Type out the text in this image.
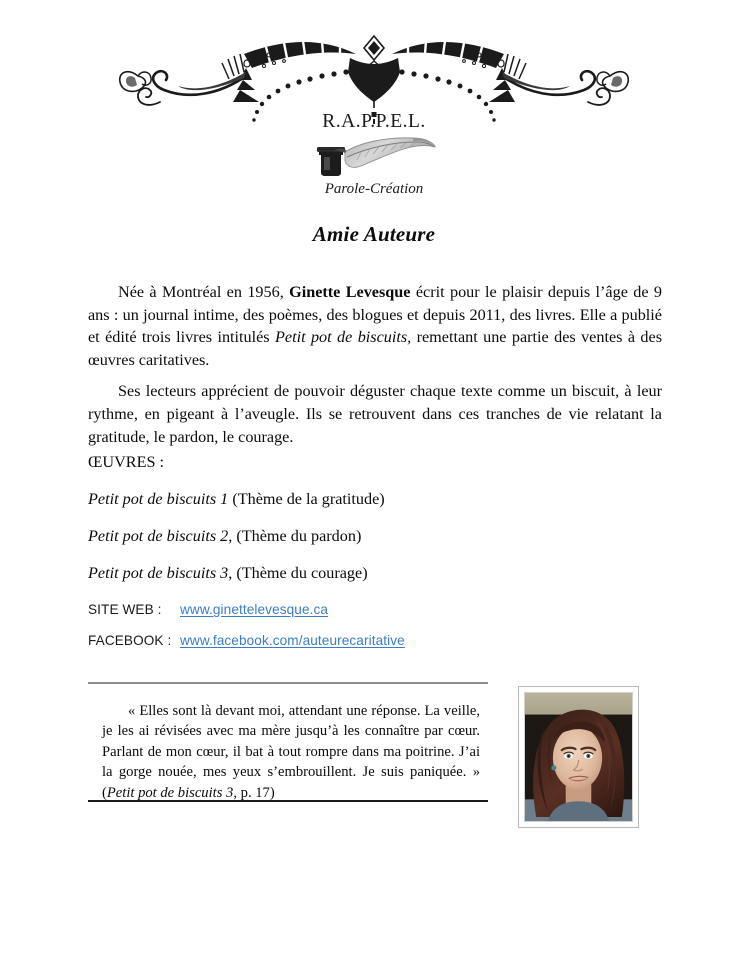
R.A.P.P.E.L.
Parole-Création
Amie Auteure

Née à Montréal en 1956, Ginette Levesque écrit pour le plaisir depuis l’âge de 9 ans : un journal intime, des poèmes, des blogues et depuis 2011, des livres. Elle a publié et édité trois livres intitulés Petit pot de biscuits, remettant une partie des ventes à des œuvres caritatives.

Ses lecteurs apprécient de pouvoir déguster chaque texte comme un biscuit, à leur rythme, en pigeant à l’aveugle. Ils se retrouvent dans ces tranches de vie relatant la gratitude, le pardon, le courage.

ŒUVRES :
Petit pot de biscuits 1 (Thème de la gratitude)
Petit pot de biscuits 2, (Thème du pardon)
Petit pot de biscuits 3, (Thème du courage)
SITE WEB :	www.ginettelevesque.ca
FACEBOOK : www.facebook.com/auteurecaritative

« Elles sont là devant moi, attendant une réponse. La veille, je les ai révisées avec ma mère jusqu’à les connaître par cœur. Parlant de mon cœur, il bat à tout rompre dans ma poitrine. J’ai la gorge nouée, mes yeux s’embrouillent. Je suis paniquée. » (Petit pot de biscuits 3, p. 17)
